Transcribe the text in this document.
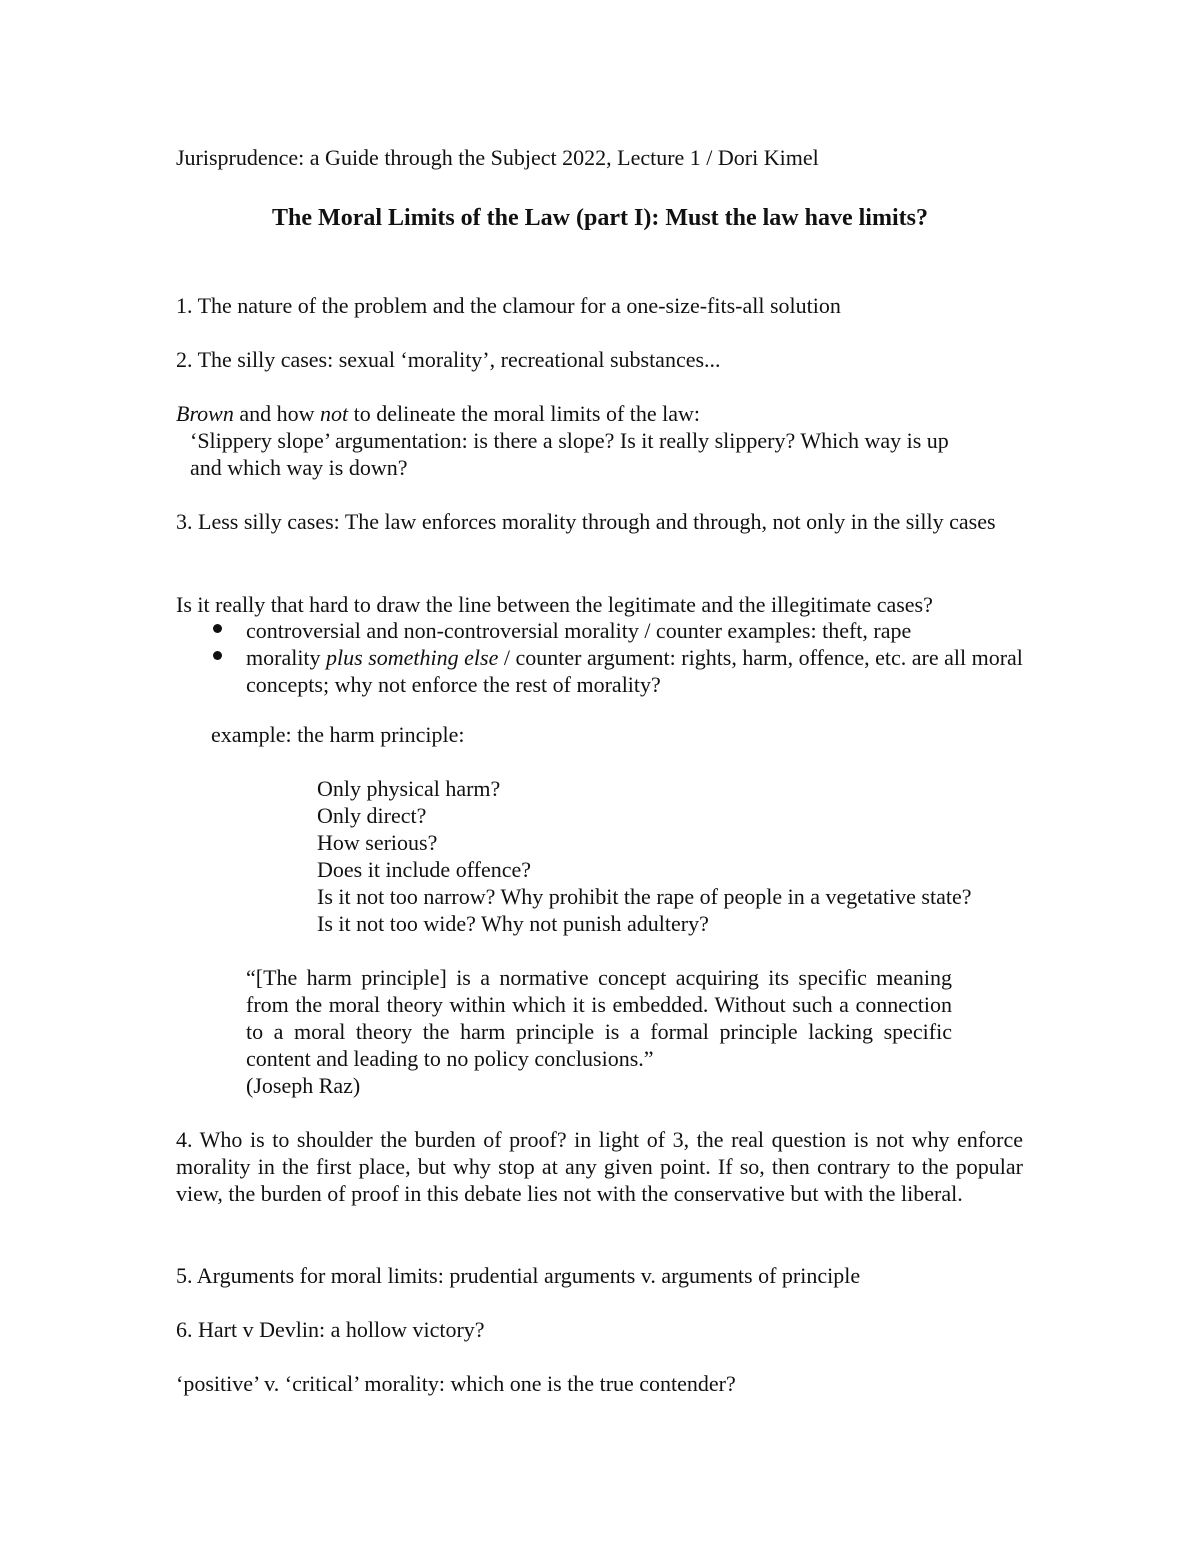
Jurisprudence: a Guide through the Subject 2022, Lecture 1 / Dori Kimel
The Moral Limits of the Law (part I): Must the law have limits?
1. The nature of the problem and the clamour for a one-size-fits-all solution
2. The silly cases: sexual ‘morality’, recreational substances...
Brown and how not to delineate the moral limits of the law:
‘Slippery slope’ argumentation: is there a slope? Is it really slippery? Which way is up
and which way is down?
3. Less silly cases: The law enforces morality through and through, not only in the silly cases
Is it really that hard to draw the line between the legitimate and the illegitimate cases?
controversial and non-controversial morality / counter examples: theft, rape
morality plus something else / counter argument: rights, harm, offence, etc. are all moral concepts; why not enforce the rest of morality?
example: the harm principle:
Only physical harm?
Only direct?
How serious?
Does it include offence?
Is it not too narrow? Why prohibit the rape of people in a vegetative state?
Is it not too wide? Why not punish adultery?
“[The harm principle] is a normative concept acquiring its specific meaning from the moral theory within which it is embedded. Without such a connection to a moral theory the harm principle is a formal principle lacking specific content and leading to no policy conclusions.”
(Joseph Raz)
4. Who is to shoulder the burden of proof? in light of 3, the real question is not why enforce morality in the first place, but why stop at any given point. If so, then contrary to the popular view, the burden of proof in this debate lies not with the conservative but with the liberal.
5. Arguments for moral limits: prudential arguments v. arguments of principle
6. Hart v Devlin: a hollow victory?
‘positive’ v. ‘critical’ morality: which one is the true contender?
